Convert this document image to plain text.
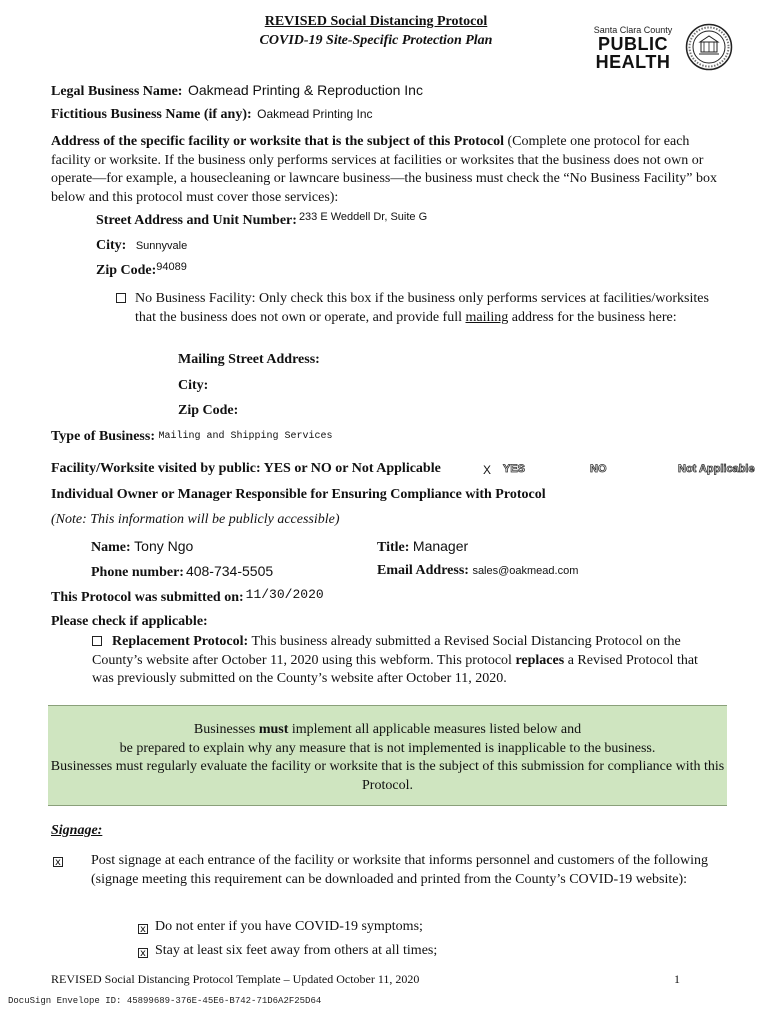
REVISED Social Distancing Protocol
COVID-19 Site-Specific Protection Plan
Santa Clara County
PUBLIC
HEALTH
Legal Business Name: Oakmead Printing & Reproduction Inc
Fictitious Business Name (if any): Oakmead Printing Inc
Address of the specific facility or worksite that is the subject of this Protocol (Complete one protocol for each facility or worksite. If the business only performs services at facilities or worksites that the business does not own or operate—for example, a housecleaning or lawncare business—the business must check the “No Business Facility” box below and this protocol must cover those services):
Street Address and Unit Number: $^{233 E Weddell Dr, Suite G}$
City: Sunnyvale
Zip Code:$^{94089}$
No Business Facility: Only check this box if the business only performs services at facilities/worksites that the business does not own or operate, and provide full mailing address for the business here:
Mailing Street Address:
City:
Zip Code:
Type of Business: Mailing and Shipping Services
Facility/Worksite visited by public: YES or NO or Not Applicable	X YES	NO	Not Applicable
Individual Owner or Manager Responsible for Ensuring Compliance with Protocol
(Note: This information will be publicly accessible)
Name: Tony Ngo	Title: Manager
Phone number: 408-734-5505	Email Address: sales@oakmead.com
This Protocol was submitted on: 11/30/2020
Please check if applicable:
Replacement Protocol: This business already submitted a Revised Social Distancing Protocol on the County’s website after October 11, 2020 using this webform. This protocol replaces a Revised Protocol that was previously submitted on the County’s website after October 11, 2020.
Businesses must implement all applicable measures listed below and
be prepared to explain why any measure that is not implemented is inapplicable to the business.
Businesses must regularly evaluate the facility or worksite that is the subject of this submission for compliance with this Protocol.
Signage:
x Post signage at each entrance of the facility or worksite that informs personnel and customers of the following (signage meeting this requirement can be downloaded and printed from the County’s COVID-19 website):
x Do not enter if you have COVID-19 symptoms;
x Stay at least six feet away from others at all times;
REVISED Social Distancing Protocol Template – Updated October 11, 2020	1
DocuSign Envelope ID: 45899689-376E-45E6-B742-71D6A2F25D64
